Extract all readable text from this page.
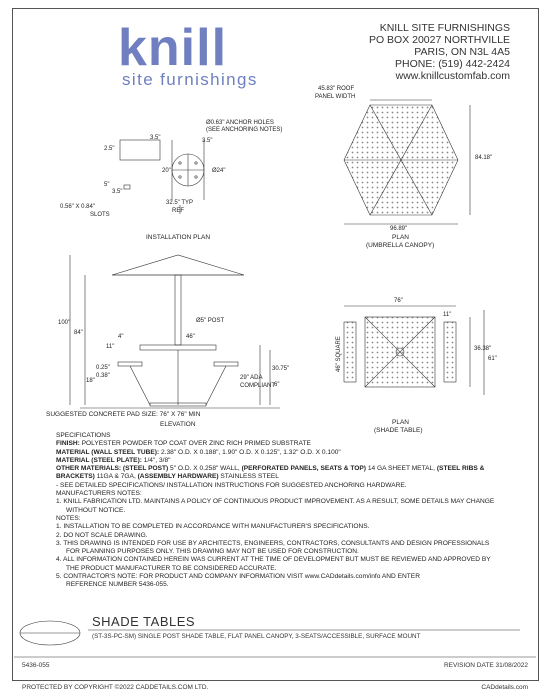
knill
site furnishings
KNILL SITE FURNISHINGS
PO BOX 20027 NORTHVILLE
PARIS, ON N3L 4A5
PHONE: (519) 442-2424
www.knillcustomfab.com
3.5"
2.5"
3.5"
20"	Ø24"
5"
3.5"
32.5" TYP
REF
0.56" X 0.84"
SLOTS
Ø0.63" ANCHOR HOLES
(SEE ANCHORING NOTES)
INSTALLATION PLAN
45.83" ROOF
PANEL WIDTH
84.18"
96.89"
PLAN
(UMBRELLA CANOPY)
100"
84"
Ø5" POST
46"
4"
11"
18"
0.25"
0.38"	29" ADA
COMPLIANT
30.75"
6"
SUGGESTED CONCRETE PAD SIZE: 76" X 76" MIN
ELEVATION
76"
46" SQUARE
11"
36.38"
61"
PLAN
(SHADE TABLE)

SPECIFICATIONS

FINISH: POLYESTER POWDER TOP COAT OVER ZINC RICH PRIMED SUBSTRATE

MATERIAL (WALL STEEL TUBE): 2.38" O.D. X 0.188", 1.90" O.D. X 0.125", 1.32" O.D. X 0.100"

MATERIAL (STEEL PLATE): 1/4", 3/8"

OTHER MATERIALS: (STEEL POST) 5" O.D. X 0.258" WALL, (PERFORATED PANELS, SEATS & TOP) 14 GA SHEET METAL, (STEEL RIBS &

BRACKETS) 11GA & 7GA, (ASSEMBLY HARDWARE) STAINLESS STEEL

- SEE DETAILED SPECIFICATIONS/ INSTALLATION INSTRUCTIONS FOR SUGGESTED ANCHORING HARDWARE.

MANUFACTURERS NOTES:

1. KNILL FABRICATION LTD. MAINTAINS A POLICY OF CONTINUOUS PRODUCT IMPROVEMENT. AS A RESULT, SOME DETAILS MAY CHANGE

WITHOUT NOTICE.

NOTES:

1. INSTALLATION TO BE COMPLETED IN ACCORDANCE WITH MANUFACTURER'S SPECIFICATIONS.

2. DO NOT SCALE DRAWING.

3. THIS DRAWING IS INTENDED FOR USE BY ARCHITECTS, ENGINEERS, CONTRACTORS, CONSULTANTS AND DESIGN PROFESSIONALS

FOR PLANNING PURPOSES ONLY. THIS DRAWING MAY NOT BE USED FOR CONSTRUCTION.

4. ALL INFORMATION CONTAINED HEREIN WAS CURRENT AT THE TIME OF DEVELOPMENT BUT MUST BE REVIEWED AND APPROVED BY

THE PRODUCT MANUFACTURER TO BE CONSIDERED ACCURATE.

5. CONTRACTOR'S NOTE: FOR PRODUCT AND COMPANY INFORMATION VISIT www.CADdetails.com/info AND ENTER

REFERENCE NUMBER 5436-055.

SHADE TABLES
(ST-3S-PC-SM) SINGLE POST SHADE TABLE, FLAT PANEL CANOPY, 3-SEATS/ACCESSIBLE, SURFACE MOUNT
5436-055	REVISION DATE 31/08/2022
PROTECTED BY COPYRIGHT ©2022 CADDETAILS.COM LTD.	CADdetails.com
